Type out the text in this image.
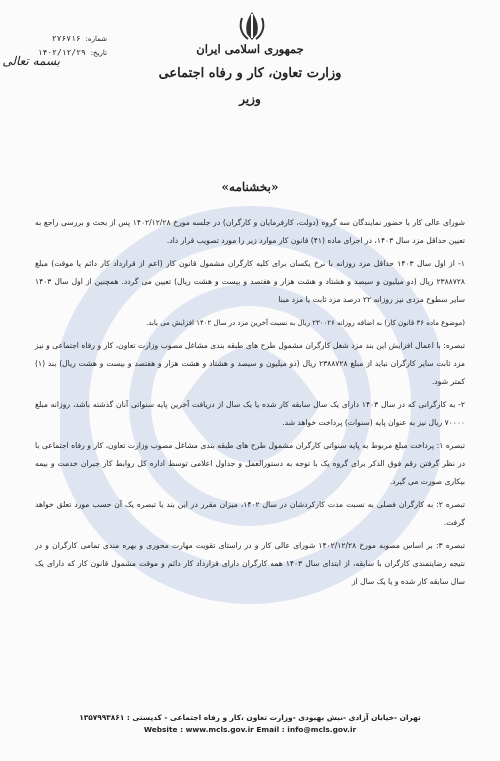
جمهوری اسلامی ایران
وزارت تعاون، کار و رفاه اجتماعی
وزیر
بسمه تعالی
شماره: ۲۷۶۷۱۶
تاریخ: ۱۴۰۲/۱۲/۲۹
«بخشنامه»

شورای عالی کار با حضور نمایندگان سه گروه (دولت، کارفرمایان و کارگران) در جلسه مورخ ۱۴۰۲/۱۲/۲۸ پس از بحث و بررسی راجع به تعیین حداقل مزد سال ۱۴۰۳، در اجرای ماده (۴۱) قانون کار موارد زیر را مورد تصویب قرار داد.

۱- از اول سال ۱۴۰۳ حداقل مزد روزانه با نرخ یکسان برای کلیه کارگران مشمول قانون کار (اعم از قرارداد کار دائم یا موقت) مبلغ ۲۳۸۸۷۲۸ ریال (دو میلیون و سیصد و هشتاد و هشت هزار و هفتصد و بیست و هشت ریال) تعیین می گردد. همچنین از اول سال ۱۴۰۳ سایر سطوح مزدی نیز روزانه ۲۲ درصد مزد ثابت یا مزد مبنا

(موضوع ماده ۳۶ قانون کار) به اضافه روزانه ۲۳۰۰۲۶ ریال به نسبت آخرین مزد در سال ۱۴۰۲ افزایش می یابد.

تبصره: با اعمال افزایش این بند مزد شغل کارگران مشمول طرح های طبقه بندی مشاغل مصوب وزارت تعاون، کار و رفاه اجتماعی و نیز مزد ثابت سایر کارگران نباید از مبلغ ۲۳۸۸۷۲۸ ریال (دو میلیون و سیصد و هشتاد و هشت هزار و هفتصد و بیست و هشت ریال) بند (۱) کمتر شود.

۲- به کارگرانی که در سال ۱۴۰۳ دارای یک سال سابقه کار شده یا یک سال از دریافت آخرین پایه سنواتی آنان گذشته باشد، روزانه مبلغ ۷۰۰۰۰ ریال نیز به عنوان پایه (سنوات) پرداخت خواهد شد.

تبصره ۱: پرداخت مبلغ مربوط به پایه سنواتی کارگران مشمول طرح های طبقه بندی مشاغل مصوب وزارت تعاون، کار و رفاه اجتماعی با در نظر گرفتن رقم فوق الذکر برای گروه یک با توجه به دستورالعمل و جداول اعلامی توسط اداره کل روابط کار جبران خدمت و بیمه بیکاری صورت می گیرد.

تبصره ۲: به کارگران فصلی به نسبت مدت کارکردشان در سال ۱۴۰۲، میزان مقرر در این بند یا تبصره یک آن حسب مورد تعلق خواهد گرفت.

تبصره ۳: بر اساس مصوبه مورخ ۱۴۰۲/۱۲/۲۸ شورای عالی کار و در راستای تقویت مهارت محوری و بهره مندی تمامی کارگران و در نتیجه رضایتمندی کارگران با سابقه، از ابتدای سال ۱۴۰۳ همه کارگران دارای قرارداد کار دائم و موقت مشمول قانون کار که دارای یک سال سابقه کار شده و یا یک سال از

تهران -خیابان آزادی -نبش بهبودی -وزارت تعاون ،کار و رفاه اجتماعی - کدپستی : ۱۳۵۷۹۹۳۸۶۱
Website : www.mcls.gov.ir Email : info@mcls.gov.ir
